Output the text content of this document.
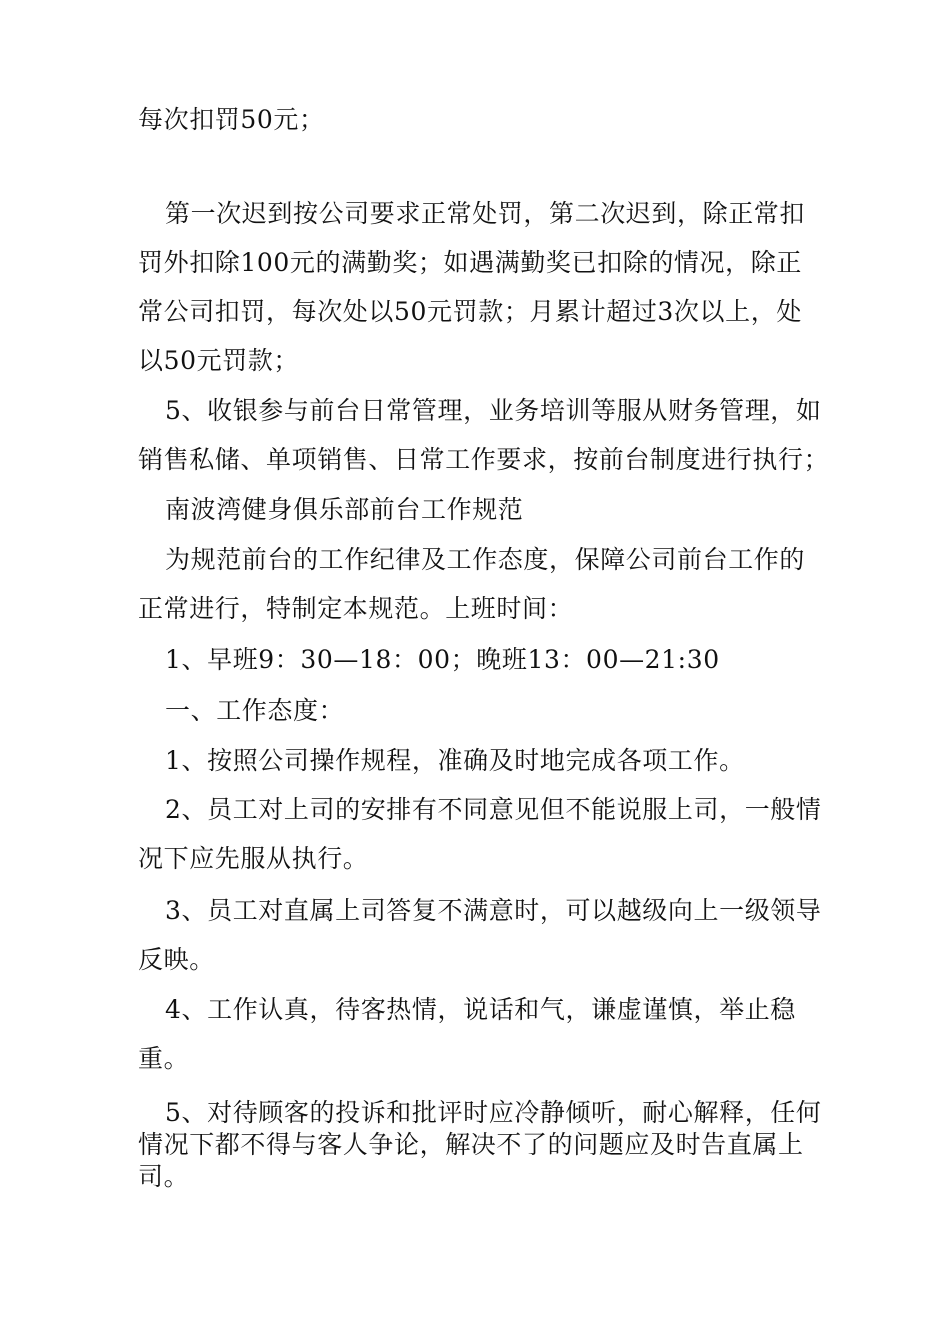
每次扣罚50元；
第一次迟到按公司要求正常处罚，第二次迟到，除正常扣
罚外扣除100元的满勤奖；如遇满勤奖已扣除的情况，除正
常公司扣罚，每次处以50元罚款；月累计超过3次以上，处
以50元罚款；
5、收银参与前台日常管理，业务培训等服从财务管理，如
销售私储、单项销售、日常工作要求，按前台制度进行执行；
南波湾健身俱乐部前台工作规范
为规范前台的工作纪律及工作态度，保障公司前台工作的
正常进行，特制定本规范。上班时间：
1、早班9：30—18：00；晚班13：00—21:30
一、工作态度：
1、按照公司操作规程，准确及时地完成各项工作。
2、员工对上司的安排有不同意见但不能说服上司，一般情
况下应先服从执行。
3、员工对直属上司答复不满意时，可以越级向上一级领导
反映。
4、工作认真，待客热情，说话和气，谦虚谨慎，举止稳
重。
5、对待顾客的投诉和批评时应冷静倾听，耐心解释，任何
情况下都不得与客人争论，解决不了的问题应及时告直属上
司。
